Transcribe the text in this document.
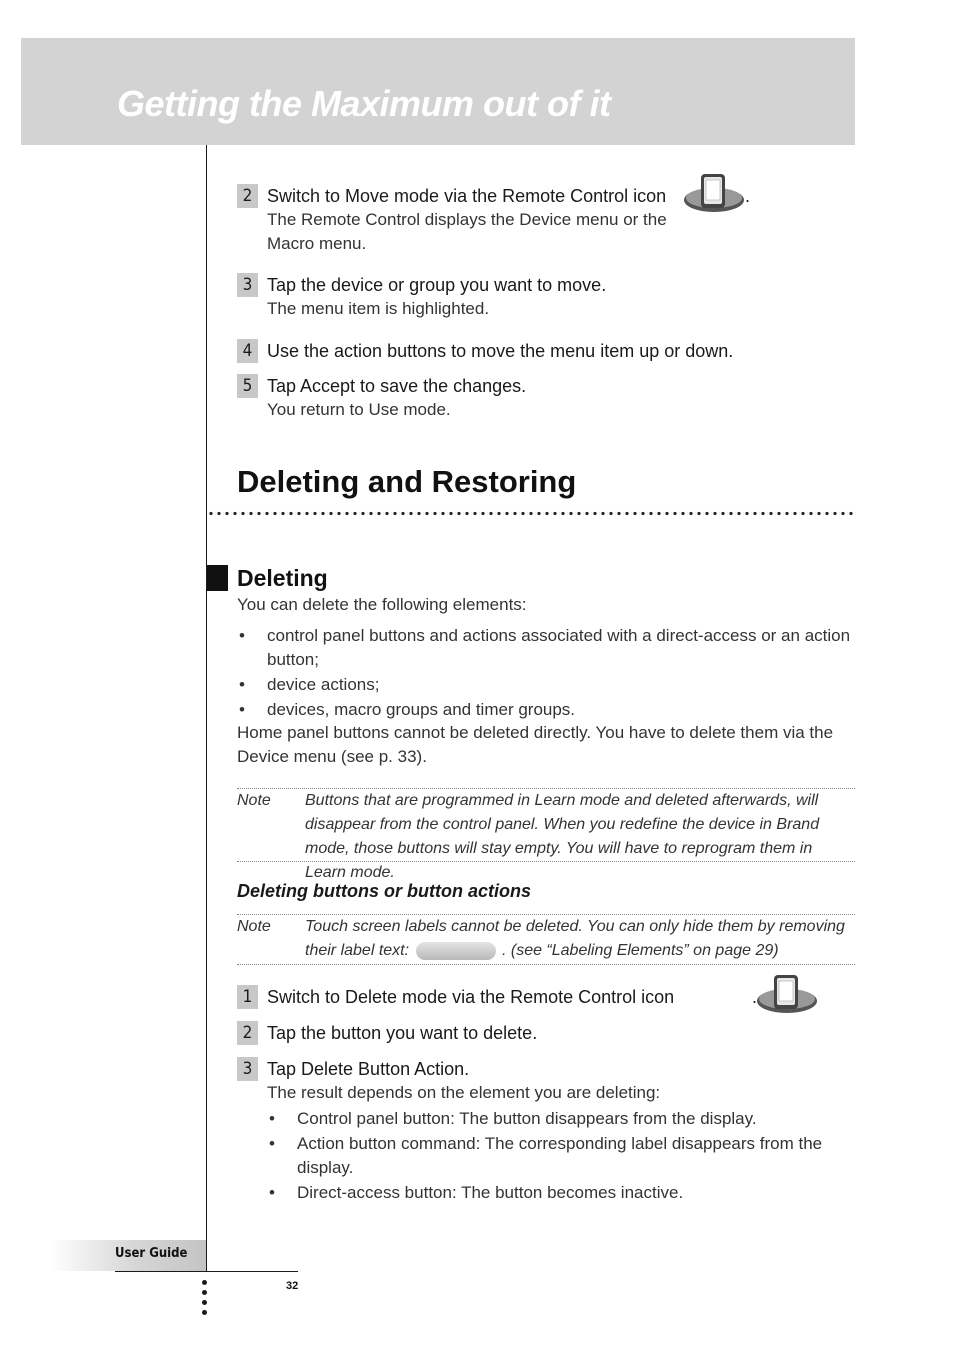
Getting the Maximum out of it
2 Switch to Move mode via the Remote Control icon
The Remote Control displays the Device menu or the Macro menu.

.
3 Tap the device or group you want to move.
The menu item is highlighted.
4 Use the action buttons to move the menu item up or down.
5 Tap Accept to save the changes.
You return to Use mode.
Deleting and Restoring
Deleting
You can delete the following elements:
• control panel buttons and actions associated with a direct-access or an action button;
• device actions;
• devices, macro groups and timer groups.
Home panel buttons cannot be deleted directly. You have to delete them via the Device menu (see p. 33).
Note Buttons that are programmed in Learn mode and deleted afterwards, will disappear from the control panel. When you redefine the device in Brand mode, those buttons will stay empty. You will have to reprogram them in Learn mode.
Deleting buttons or button actions
Note Touch screen labels cannot be deleted. You can only hide them by removing their label text:	. (see “Labeling Elements” on page 29)
1 Switch to Delete mode via the Remote Control icon	.
2 Tap the button you want to delete.
3 Tap Delete Button Action.
The result depends on the element you are deleting:
• Control panel button: The button disappears from the display.
• Action button command: The corresponding label disappears from the display.
• Direct-access button: The button becomes inactive.
User Guide
32
